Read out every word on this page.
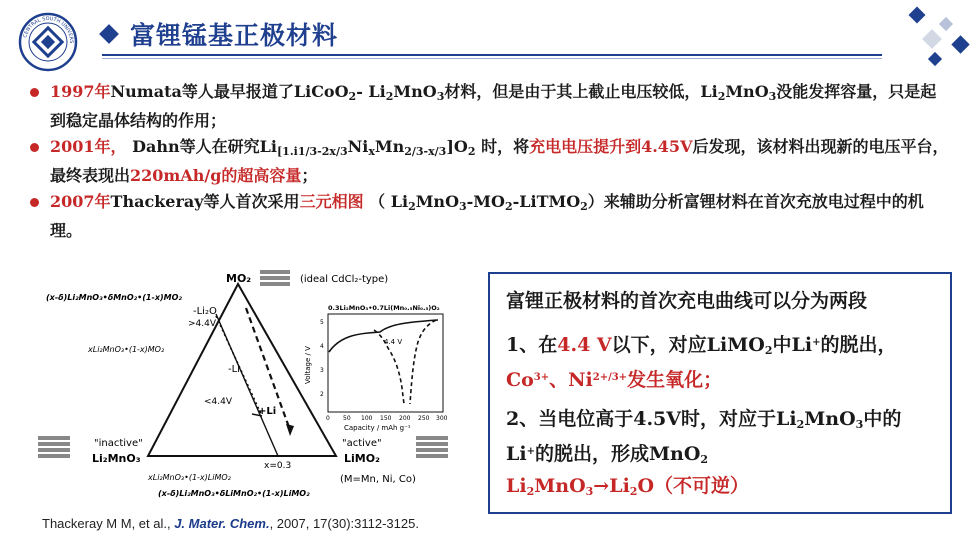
CENTRAL SOUTH UNIVERS 富锂锰基正极材料
1997年Numata等人最早报道了LiCoO$_2$- $Li_2MnO_3$材料，但是由于其上截止电压较低，$Li_2MnO_3$没能发挥容量，只是起到稳定晶体结构的作用；
2001年， Dahn等人在研究$Li_{[1.i1/3-2x/3}Ni_xMn_{2/3-x/3}]O_2$ 时，将充电电压提升到4.45V后发现，该材料出现新的电压平台，最终表现出220mAh/g的超高容量；
2007年Thackeray等人首次采用三元相图 （ $Li_2MnO_3-MO_2-LiTMO_2$）来辅助分析富锂材料在首次充放电过程中的机理。
MO₂	(ideal CdCl₂-type)
(x-δ)Li₂MnO₃•δMnO₂•(1-x)MO₂
-Li₂O
>4.4V
xLi₂MnO₃•(1-x)MO₂
-Li
<4.4V
+Li
"inactive"
Li₂MnO₃
"active"
LiMO₂
(M=Mn, Ni, Co)
x=0.3
xLi₂MnO₃•(1-x)LiMO₂
(x-δ)Li₂MnO₃•δLiMnO₂•(1-x)LiMO₂
0.3Li₂MnO₃•0.7Li(Mn₀.₅Ni₀.₅)O₂
Voltage / V
Capacity / mAh g⁻¹
5
4
3
2
0 50 100 150 200 250 300
4.4 V
Thackeray M M, et al., J. Mater. Chem., 2007, 17(30):3112-3125.
富锂正极材料的首次充电曲线可以分为两段
1、在4.4 V以下，对应LiMO$_2$中Li+的脱出，
$Co^{3+}$、$Ni^{2+/3+}$发生氧化；
2、当电位高于4.5V时，对应于$Li_2MnO_3$中的Li+的脱出，形成MnO$_2$
$Li_2MnO_3\to Li_2O$（不可逆）
